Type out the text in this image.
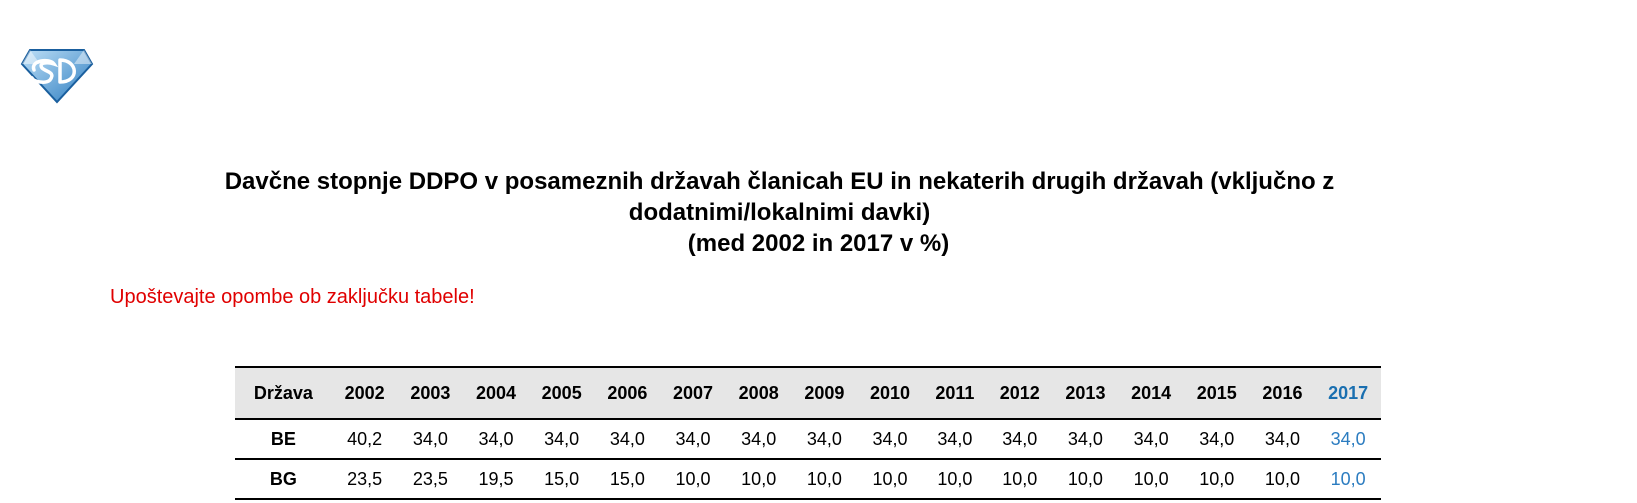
Davčne stopnje DDPO v posameznih državah članicah EU in nekaterih drugih državah (vključno z dodatnimi/lokalnimi davki)
(med 2002 in 2017 v %)
Upoštevajte opombe ob zaključku tabele!
Država	2002	2003	2004	2005	2006	2007	2008	2009	2010	2011	2012	2013	2014	2015	2016	2017
BE	40,2	34,0	34,0	34,0	34,0	34,0	34,0	34,0	34,0	34,0	34,0	34,0	34,0	34,0	34,0	34,0
BG	23,5	23,5	19,5	15,0	15,0	10,0	10,0	10,0	10,0	10,0	10,0	10,0	10,0	10,0	10,0	10,0
